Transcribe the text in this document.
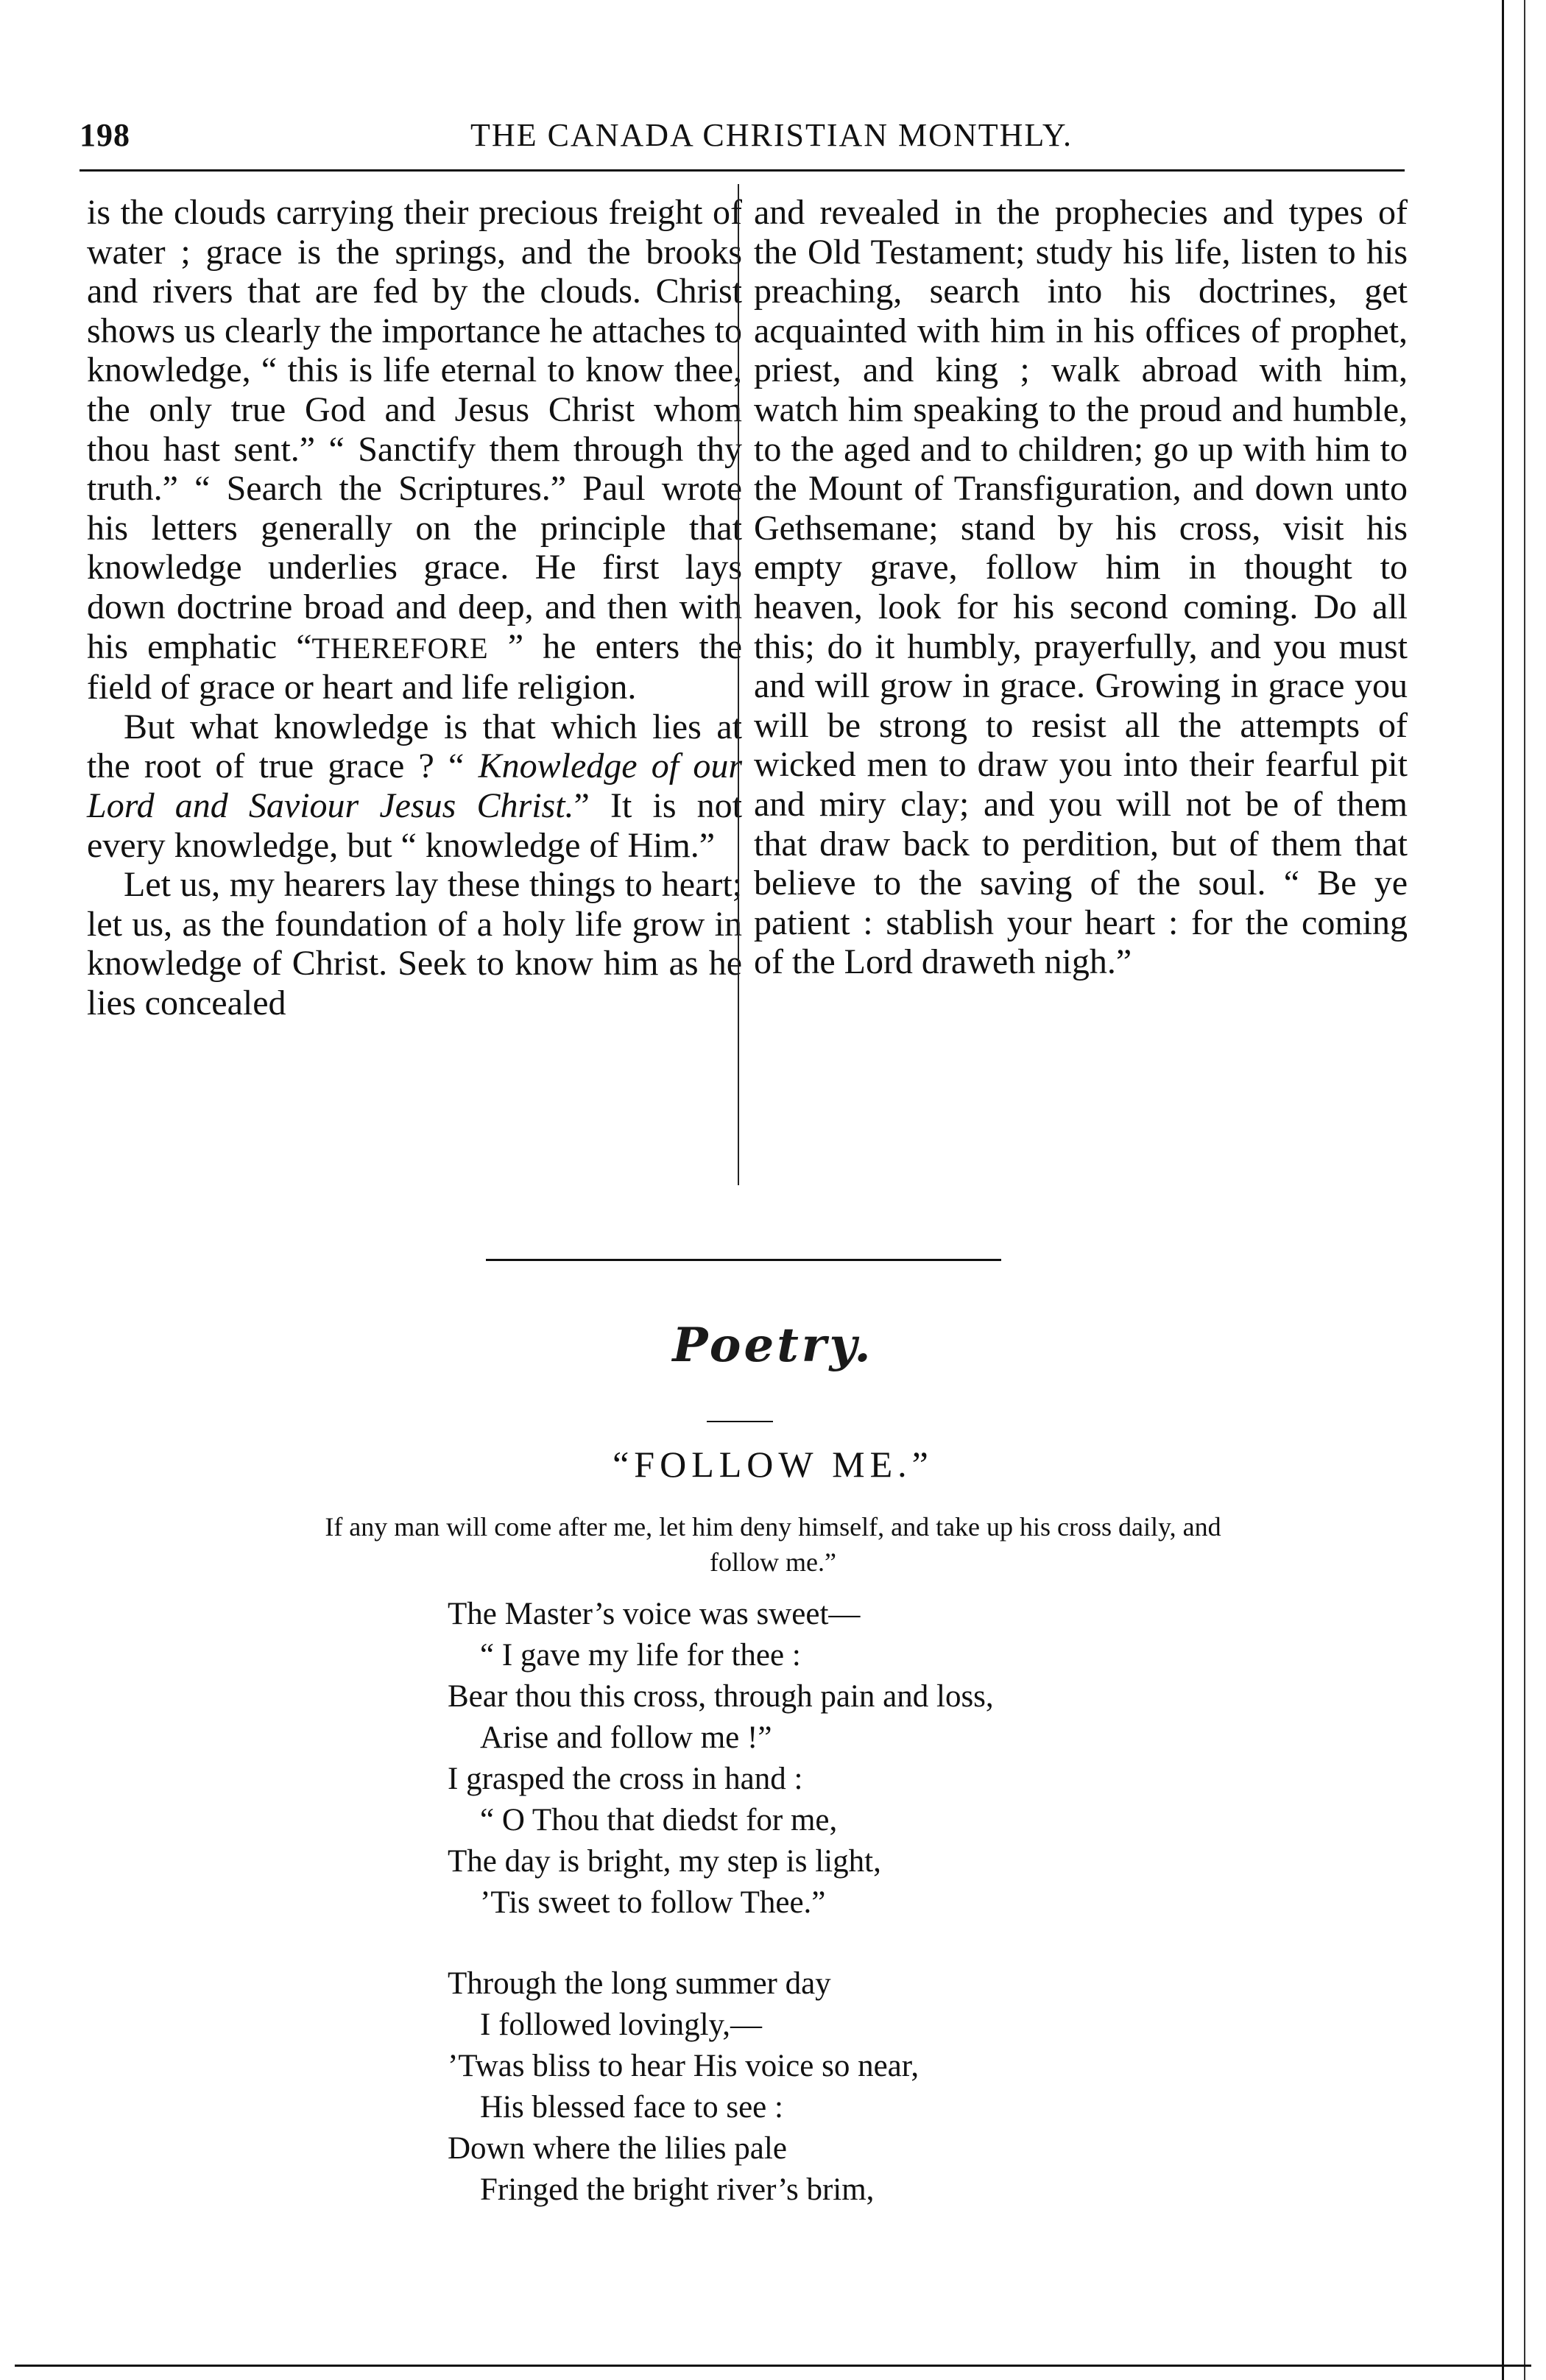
198	THE CANADA CHRISTIAN MONTHLY.

is the clouds carrying their precious freight of water ; grace is the springs, and the brooks and rivers that are fed by the clouds. Christ shows us clearly the importance he attaches to knowledge, “ this is life eternal to know thee, the only true God and Jesus Christ whom thou hast sent.” “ Sanctify them through thy truth.” “ Search the Scriptures.” Paul wrote his letters generally on the principle that knowledge underlies grace. He first lays down doctrine broad and deep, and then with his emphatic “THEREFORE ” he enters the field of grace or heart and life religion.

But what knowledge is that which lies at the root of true grace ? “ Knowledge of our Lord and Saviour Jesus Christ.” It is not every knowledge, but “ knowledge of Him.”

Let us, my hearers lay these things to heart; let us, as the foundation of a holy life grow in knowledge of Christ. Seek to know him as he lies concealed

and revealed in the prophecies and types of the Old Testament; study his life, listen to his preaching, search into his doctrines, get acquainted with him in his offices of prophet, priest, and king ; walk abroad with him, watch him speaking to the proud and humble, to the aged and to children; go up with him to the Mount of Transfiguration, and down unto Gethsemane; stand by his cross, visit his empty grave, follow him in thought to heaven, look for his second coming. Do all this; do it humbly, prayerfully, and you must and will grow in grace. Growing in grace you will be strong to resist all the attempts of wicked men to draw you into their fearful pit and miry clay; and you will not be of them that draw back to perdition, but of them that believe to the saving of the soul. “ Be ye patient : stablish your heart : for the coming of the Lord draweth nigh.”

Poetry.
“FOLLOW ME.”
If any man will come after me, let him deny himself, and take up his cross daily, and
follow me.”
The Master’s voice was sweet—
“ I gave my life for thee :
Bear thou this cross, through pain and loss,
Arise and follow me !”
I grasped the cross in hand :
“ O Thou that diedst for me,
The day is bright, my step is light,
’Tis sweet to follow Thee.”
Through the long summer day
I followed lovingly,—
’Twas bliss to hear His voice so near,
His blessed face to see :
Down where the lilies pale
Fringed the bright river’s brim,
